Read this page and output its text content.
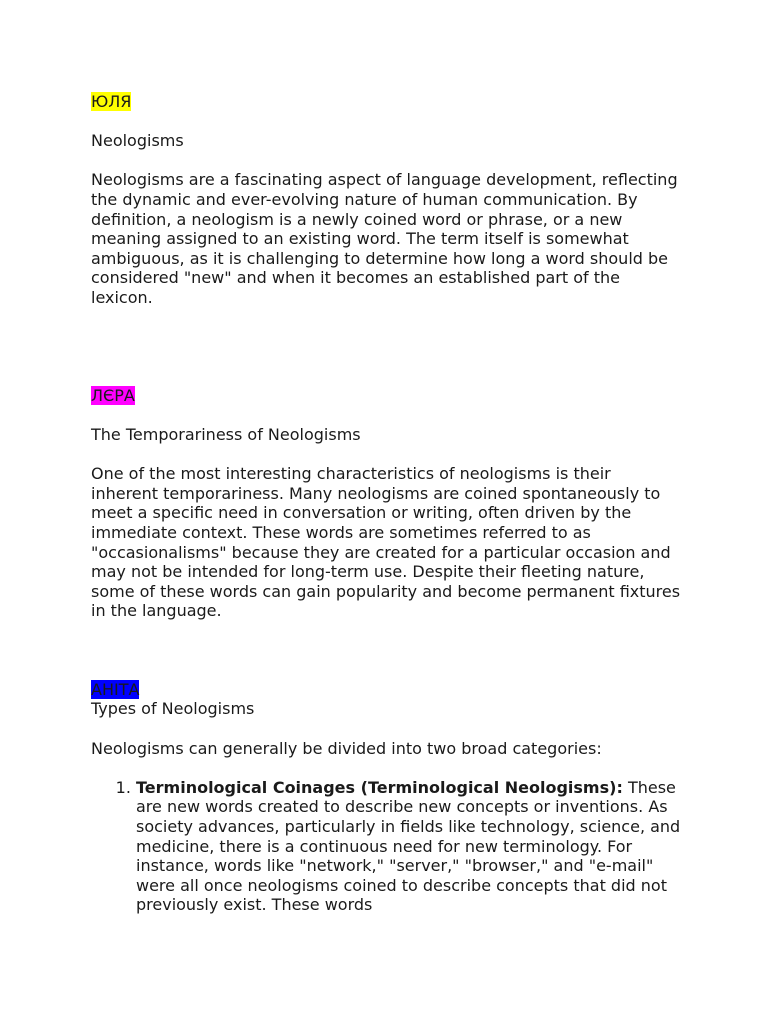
ЮЛЯ

Neologisms

Neologisms are a fascinating aspect of language development, reflecting the dynamic and ever-evolving nature of human communication. By definition, a neologism is a newly coined word or phrase, or a new meaning assigned to an existing word. The term itself is somewhat ambiguous, as it is challenging to determine how long a word should be considered "new" and when it becomes an established part of the lexicon.

ЛЄРА

The Temporariness of Neologisms

One of the most interesting characteristics of neologisms is their inherent temporariness. Many neologisms are coined spontaneously to meet a specific need in conversation or writing, often driven by the immediate context. These words are sometimes referred to as "occasionalisms" because they are created for a particular occasion and may not be intended for long-term use. Despite their fleeting nature, some of these words can gain popularity and become permanent fixtures in the language.

АНІТА

Types of Neologisms

Neologisms can generally be divided into two broad categories:

1. Terminological Coinages (Terminological Neologisms): These are new words created to describe new concepts or inventions. As society advances, particularly in fields like technology, science, and medicine, there is a continuous need for new terminology. For instance, words like "network," "server," "browser," and "e-mail" were all once neologisms coined to describe concepts that did not previously exist. These words
